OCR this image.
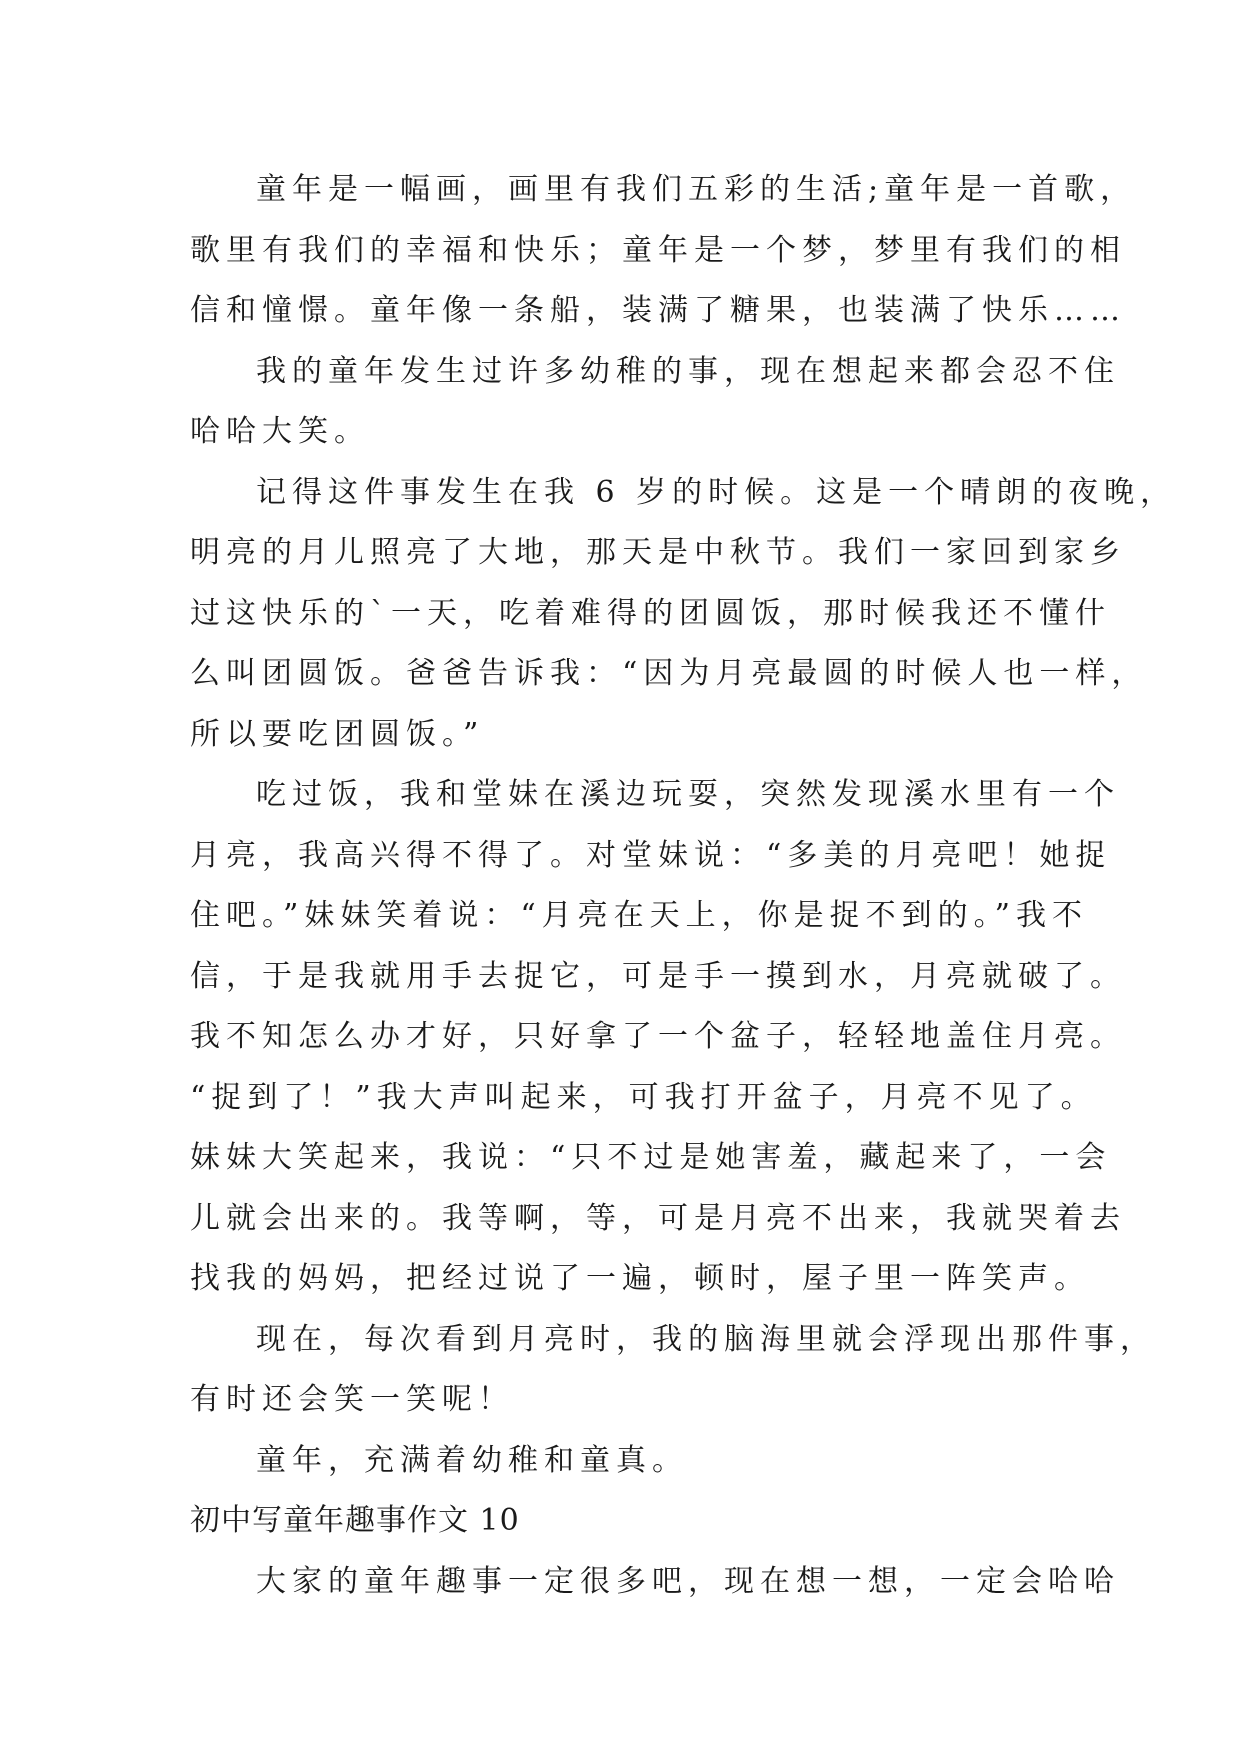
童年是一幅画，画里有我们五彩的生活;童年是一首歌，
歌里有我们的幸福和快乐；童年是一个梦，梦里有我们的相
信和憧憬。童年像一条船，装满了糖果，也装满了快乐……
我的童年发生过许多幼稚的事，现在想起来都会忍不住
哈哈大笑。
记得这件事发生在我 6 岁的时候。这是一个晴朗的夜晚，
明亮的月儿照亮了大地，那天是中秋节。我们一家回到家乡
过这快乐的`一天，吃着难得的团圆饭，那时候我还不懂什
么叫团圆饭。爸爸告诉我：“因为月亮最圆的时候人也一样，
所以要吃团圆饭。”
吃过饭，我和堂妹在溪边玩耍，突然发现溪水里有一个
月亮，我高兴得不得了。对堂妹说：“多美的月亮吧！她捉
住吧。”妹妹笑着说：“月亮在天上，你是捉不到的。”我不
信，于是我就用手去捉它，可是手一摸到水，月亮就破了。
我不知怎么办才好，只好拿了一个盆子，轻轻地盖住月亮。
“捉到了！”我大声叫起来，可我打开盆子，月亮不见了。
妹妹大笑起来，我说：“只不过是她害羞，藏起来了，一会
儿就会出来的。我等啊，等，可是月亮不出来，我就哭着去
找我的妈妈，把经过说了一遍，顿时，屋子里一阵笑声。
现在，每次看到月亮时，我的脑海里就会浮现出那件事，
有时还会笑一笑呢！
童年，充满着幼稚和童真。
初中写童年趣事作文 10
大家的童年趣事一定很多吧，现在想一想，一定会哈哈
